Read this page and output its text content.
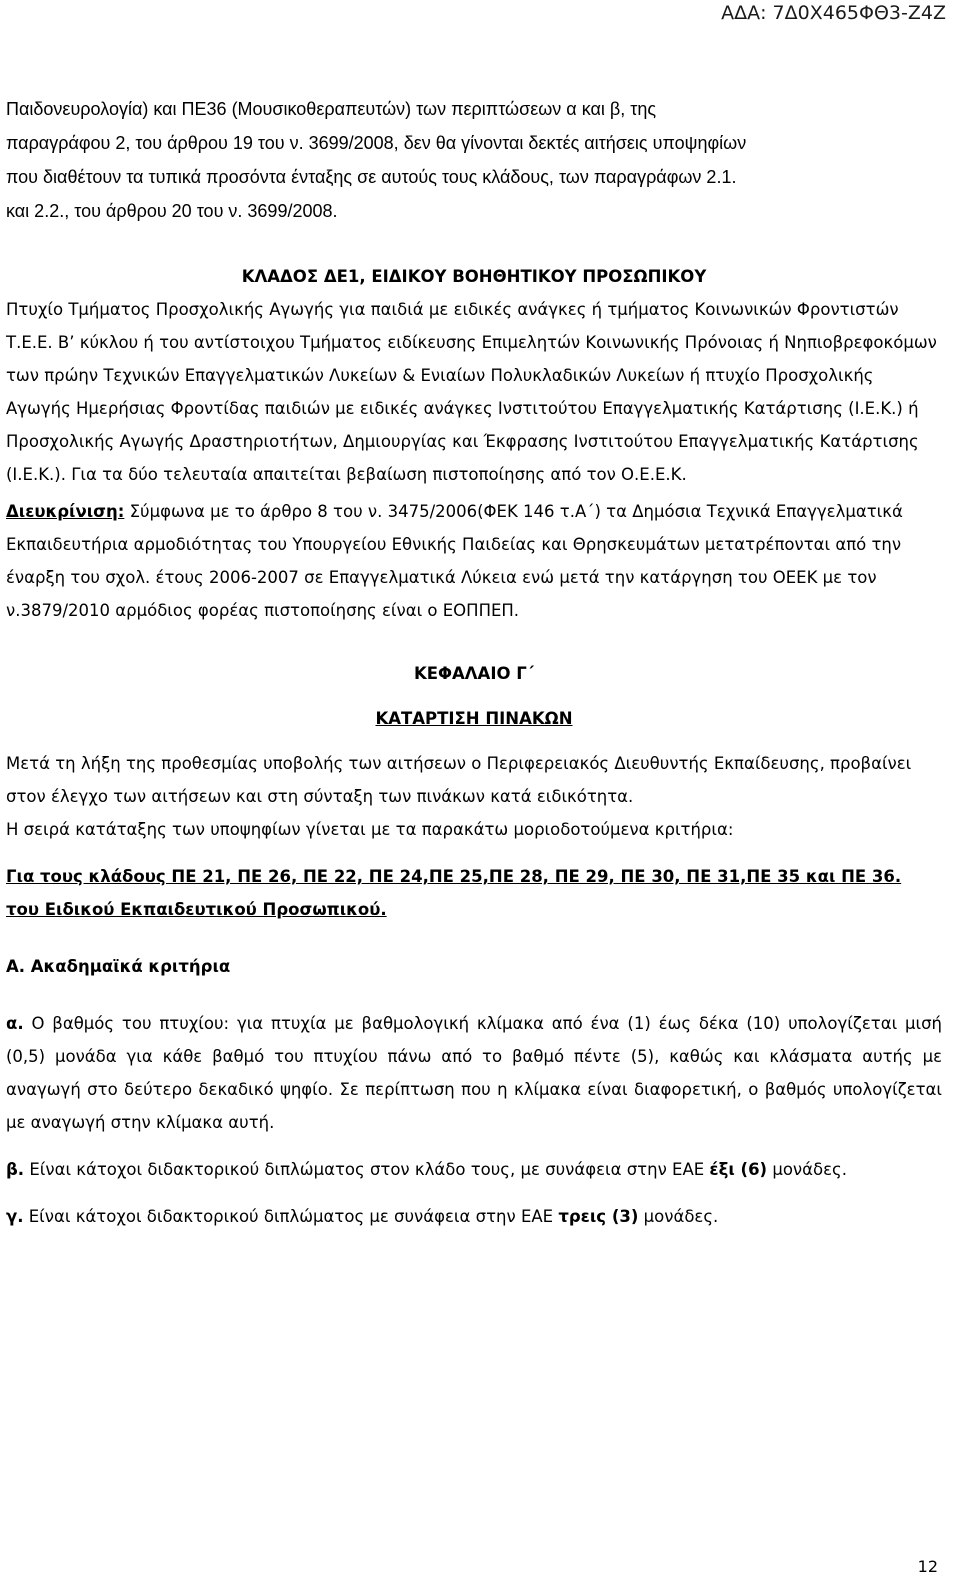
ΑΔΑ: 7Δ0Χ465ΦΘ3-Ζ4Ζ

Παιδονευρολογία) και ΠΕ36 (Μουσικοθεραπευτών) των περιπτώσεων α και β, της
παραγράφου 2, του άρθρου 19 του ν. 3699/2008, δεν θα γίνονται δεκτές αιτήσεις υποψηφίων
που διαθέτουν τα τυπικά προσόντα ένταξης σε αυτούς τους κλάδους, των παραγράφων 2.1.
και 2.2., του άρθρου 20 του ν. 3699/2008.

ΚΛΑΔΟΣ ΔΕ1, ΕΙΔΙΚΟΥ ΒΟΗΘΗΤΙΚΟΥ ΠΡΟΣΩΠΙΚΟΥ

Πτυχίο Τμήματος Προσχολικής Αγωγής για παιδιά με ειδικές ανάγκες ή τμήματος Κοινωνικών Φροντιστών Τ.Ε.Ε. Β’ κύκλου ή του αντίστοιχου Τμήματος ειδίκευσης Επιμελητών Κοινωνικής Πρόνοιας ή Νηπιοβρεφοκόμων των πρώην Τεχνικών Επαγγελματικών Λυκείων & Ενιαίων Πολυκλαδικών Λυκείων ή πτυχίο Προσχολικής Αγωγής Ημερήσιας Φροντίδας παιδιών με ειδικές ανάγκες Ινστιτούτου Επαγγελματικής Κατάρτισης (Ι.Ε.Κ.) ή Προσχολικής Αγωγής Δραστηριοτήτων, Δημιουργίας και Έκφρασης Ινστιτούτου Επαγγελματικής Κατάρτισης (Ι.Ε.Κ.). Για τα δύο τελευταία απαιτείται βεβαίωση πιστοποίησης από τον Ο.Ε.Ε.Κ.

Διευκρίνιση: Σύμφωνα με το άρθρο 8 του ν. 3475/2006(ΦΕΚ 146 τ.Α΄) τα Δημόσια Τεχνικά Επαγγελματικά Εκπαιδευτήρια αρμοδιότητας του Υπουργείου Εθνικής Παιδείας και Θρησκευμάτων μετατρέπονται από την έναρξη του σχολ. έτους 2006-2007 σε Επαγγελματικά Λύκεια ενώ μετά την κατάργηση του ΟΕΕΚ με τον ν.3879/2010 αρμόδιος φορέας πιστοποίησης είναι ο ΕΟΠΠΕΠ.

ΚΕΦΑΛΑΙΟ Γ΄
ΚΑΤΑΡΤΙΣΗ ΠΙΝΑΚΩΝ

Μετά τη λήξη της προθεσμίας υποβολής των αιτήσεων ο Περιφερειακός Διευθυντής Εκπαίδευσης, προβαίνει στον έλεγχο των αιτήσεων και στη σύνταξη των πινάκων κατά ειδικότητα.

Η σειρά κατάταξης των υποψηφίων γίνεται με τα παρακάτω μοριοδοτούμενα κριτήρια:

Για τους κλάδους ΠΕ 21, ΠΕ 26, ΠΕ 22, ΠΕ 24,ΠΕ 25,ΠΕ 28, ΠΕ 29, ΠΕ 30, ΠΕ 31,ΠΕ 35 και ΠΕ 36.

του Ειδικού Εκπαιδευτικού Προσωπικού.

Α. Ακαδημαϊκά κριτήρια

α. Ο βαθμός του πτυχίου: για πτυχία με βαθμολογική κλίμακα από ένα (1) έως δέκα (10) υπολογίζεται μισή (0,5) μονάδα για κάθε βαθμό του πτυχίου πάνω από το βαθμό πέντε (5), καθώς και κλάσματα αυτής με αναγωγή στο δεύτερο δεκαδικό ψηφίο. Σε περίπτωση που η κλίμακα είναι διαφορετική, ο βαθμός υπολογίζεται με αναγωγή στην κλίμακα αυτή.

β. Είναι κάτοχοι διδακτορικού διπλώματος στον κλάδο τους, με συνάφεια στην ΕΑΕ έξι (6) μονάδες.

γ. Είναι κάτοχοι διδακτορικού διπλώματος με συνάφεια στην ΕΑΕ τρεις (3) μονάδες.

12
